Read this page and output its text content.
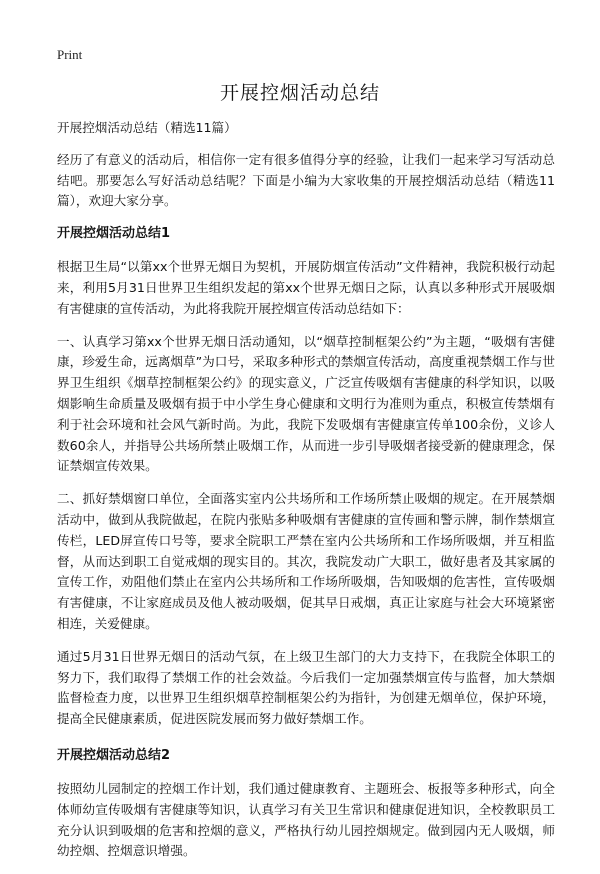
Print
开展控烟活动总结

开展控烟活动总结（精选11篇）

经历了有意义的活动后，相信你一定有很多值得分享的经验，让我们一起来学习写活动总结吧。那要怎么写好活动总结呢？下面是小编为大家收集的开展控烟活动总结（精选11篇），欢迎大家分享。

开展控烟活动总结1

根据卫生局“以第xx个世界无烟日为契机，开展防烟宣传活动”文件精神，我院积极行动起来，利用5月31日世界卫生组织发起的第xx个世界无烟日之际，认真以多种形式开展吸烟有害健康的宣传活动，为此将我院开展控烟宣传活动总结如下：

一、认真学习第xx个世界无烟日活动通知，以“烟草控制框架公约”为主题，“吸烟有害健康，珍爱生命，远离烟草”为口号，采取多种形式的禁烟宣传活动，高度重视禁烟工作与世界卫生组织《烟草控制框架公约》的现实意义，广泛宣传吸烟有害健康的科学知识，以吸烟影响生命质量及吸烟有损于中小学生身心健康和文明行为准则为重点，积极宣传禁烟有利于社会环境和社会风气新时尚。为此，我院下发吸烟有害健康宣传单100余份，义诊人数60余人，并指导公共场所禁止吸烟工作，从而进一步引导吸烟者接受新的健康理念，保证禁烟宣传效果。

二、抓好禁烟窗口单位，全面落实室内公共场所和工作场所禁止吸烟的规定。在开展禁烟活动中，做到从我院做起，在院内张贴多种吸烟有害健康的宣传画和警示牌，制作禁烟宣传栏，LED屏宣传口号等，要求全院职工严禁在室内公共场所和工作场所吸烟，并互相监督，从而达到职工自觉戒烟的现实目的。其次，我院发动广大职工，做好患者及其家属的宣传工作，劝阻他们禁止在室内公共场所和工作场所吸烟，告知吸烟的危害性，宣传吸烟有害健康，不让家庭成员及他人被动吸烟，促其早日戒烟，真正让家庭与社会大环境紧密相连，关爱健康。

通过5月31日世界无烟日的活动气氛，在上级卫生部门的大力支持下，在我院全体职工的努力下，我们取得了禁烟工作的社会效益。今后我们一定加强禁烟宣传与监督，加大禁烟监督检查力度，以世界卫生组织烟草控制框架公约为指针，为创建无烟单位，保护环境，提高全民健康素质，促进医院发展而努力做好禁烟工作。

开展控烟活动总结2

按照幼儿园制定的控烟工作计划，我们通过健康教育、主题班会、板报等多种形式，向全体师幼宣传吸烟有害健康等知识，认真学习有关卫生常识和健康促进知识，全校教职员工充分认识到吸烟的危害和控烟的意义，严格执行幼儿园控烟规定。做到园内无人吸烟，师幼控烟、控烟意识增强。
